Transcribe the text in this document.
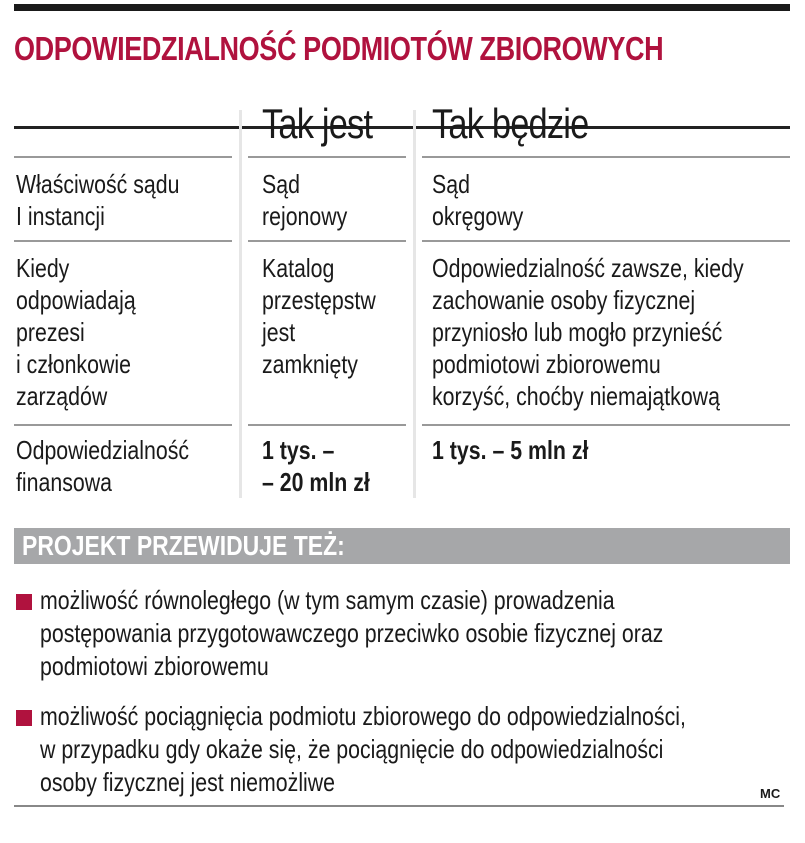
ODPOWIEDZIALNOŚĆ PODMIOTÓW ZBIOROWYCH
Tak jest Tak będzie
Właściwość sądu
I instancji
Sąd
rejonowy
Sąd
okręgowy
Kiedy
odpowiadają
prezesi
i członkowie
zarządów
Katalog
przestępstw
jest
zamknięty
Odpowiedzialność zawsze, kiedy
zachowanie osoby fizycznej
przyniosło lub mogło przynieść
podmiotowi zbiorowemu
korzyść, choćby niemajątkową
Odpowiedzialność
finansowa
1 tys. –
– 20 mln zł
1 tys. – 5 mln zł
PROJEKT PRZEWIDUJE TEŻ:
możliwość równoległego (w tym samym czasie) prowadzenia
postępowania przygotowawczego przeciwko osobie fizycznej oraz
podmiotowi zbiorowemu
możliwość pociągnięcia podmiotu zbiorowego do odpowiedzialności,
w przypadku gdy okaże się, że pociągnięcie do odpowiedzialności
osoby fizycznej jest niemożliwe	MC
